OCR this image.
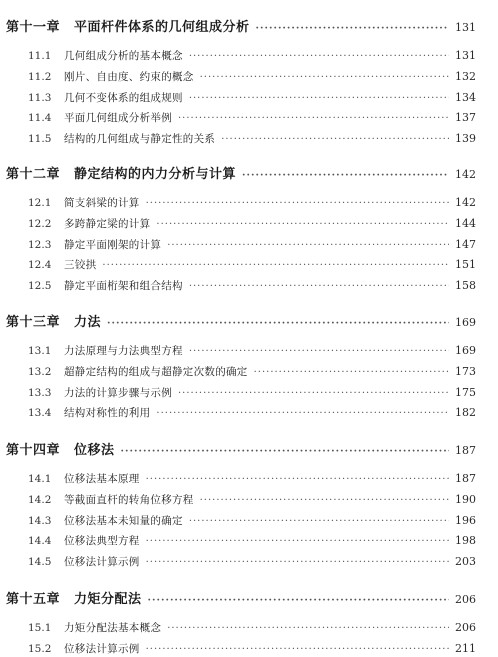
第十一章 平面杆件体系的几何组成分析 ·····	131
11.1	几何组成分析的基本概念 ·····	131
11.2	刚片、自由度、约束的概念 ·····	132
11.3	几何不变体系的组成规则 ·····	134
11.4	平面几何组成分析举例 ·····	137
11.5	结构的几何组成与静定性的关系 ·····	139
第十二章 静定结构的内力分析与计算 ·····	142
12.1	简支斜梁的计算 ·····	142
12.2	多跨静定梁的计算 ·····	144
12.3	静定平面刚架的计算 ·····	147
12.4	三铰拱 ·····	151
12.5	静定平面桁架和组合结构 ·····	158
第十三章 力法 ·····	169
13.1	力法原理与力法典型方程 ·····	169
13.2	超静定结构的组成与超静定次数的确定 ·····	173
13.3	力法的计算步骤与示例 ·····	175
13.4	结构对称性的利用 ·····	182
第十四章 位移法 ·····	187
14.1	位移法基本原理 ·····	187
14.2	等截面直杆的转角位移方程 ·····	190
14.3	位移法基本未知量的确定 ·····	196
14.4	位移法典型方程 ·····	198
14.5	位移法计算示例 ·····	203
第十五章 力矩分配法 ·····	206
15.1	力矩分配法基本概念 ·····	206
15.2	位移法计算示例 ·····	211
